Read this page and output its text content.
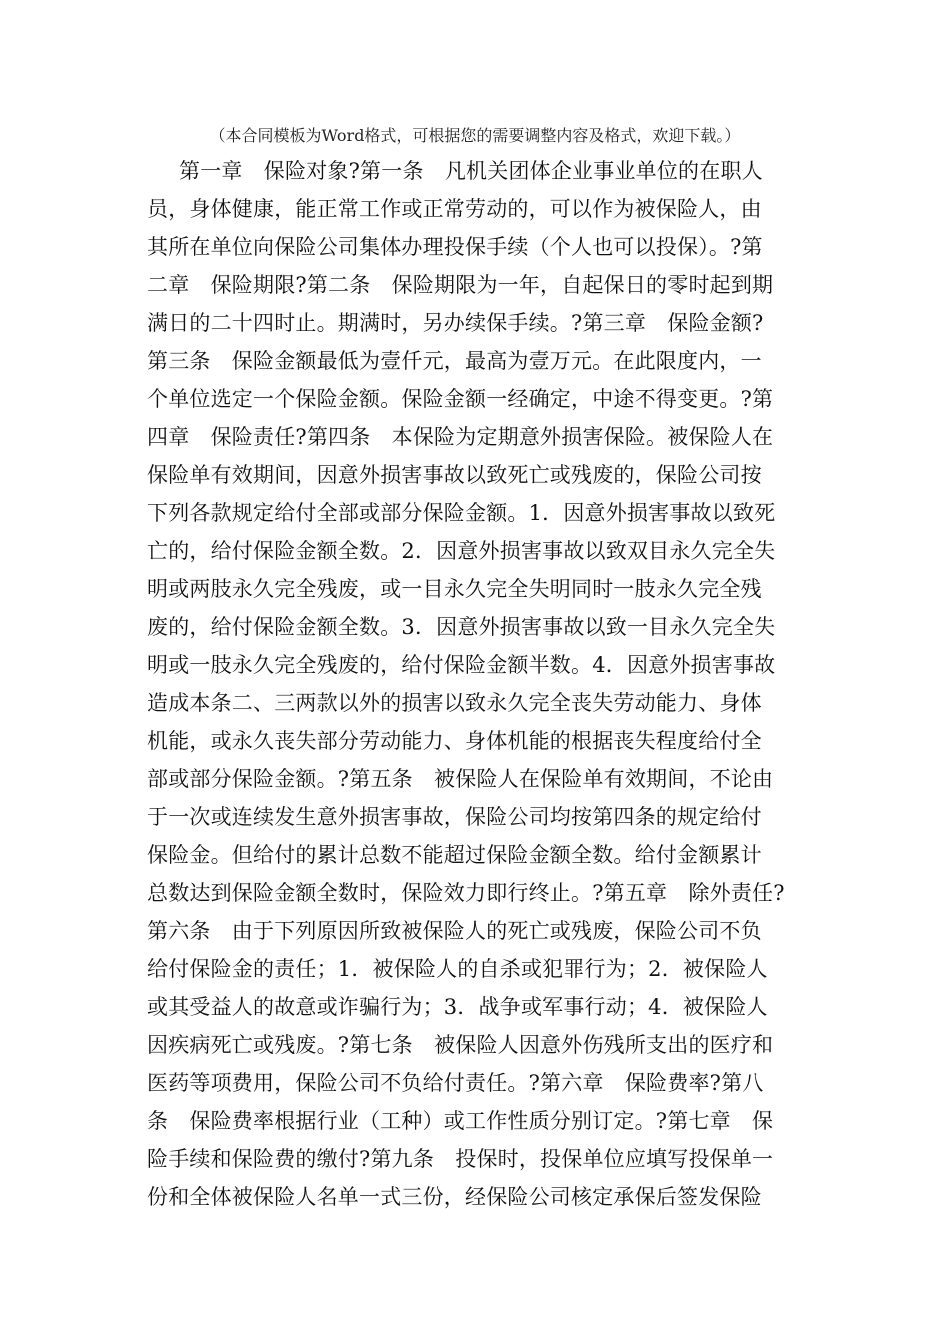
（本合同模板为Word格式，可根据您的需要调整内容及格式，欢迎下载。）
第一章　保险对象?第一条　凡机关团体企业事业单位的在职人
员，身体健康，能正常工作或正常劳动的，可以作为被保险人，由
其所在单位向保险公司集体办理投保手续（个人也可以投保）。?第
二章　保险期限?第二条　保险期限为一年，自起保日的零时起到期
满日的二十四时止。期满时，另办续保手续。?第三章　保险金额?
第三条　保险金额最低为壹仟元，最高为壹万元。在此限度内，一
个单位选定一个保险金额。保险金额一经确定，中途不得变更。?第
四章　保险责任?第四条　本保险为定期意外损害保险。被保险人在
保险单有效期间，因意外损害事故以致死亡或残废的，保险公司按
下列各款规定给付全部或部分保险金额。1．因意外损害事故以致死
亡的，给付保险金额全数。2．因意外损害事故以致双目永久完全失
明或两肢永久完全残废，或一目永久完全失明同时一肢永久完全残
废的，给付保险金额全数。3．因意外损害事故以致一目永久完全失
明或一肢永久完全残废的，给付保险金额半数。4．因意外损害事故
造成本条二、三两款以外的损害以致永久完全丧失劳动能力、身体
机能，或永久丧失部分劳动能力、身体机能的根据丧失程度给付全
部或部分保险金额。?第五条　被保险人在保险单有效期间，不论由
于一次或连续发生意外损害事故，保险公司均按第四条的规定给付
保险金。但给付的累计总数不能超过保险金额全数。给付金额累计
总数达到保险金额全数时，保险效力即行终止。?第五章　除外责任?
第六条　由于下列原因所致被保险人的死亡或残废，保险公司不负
给付保险金的责任；1．被保险人的自杀或犯罪行为；2．被保险人
或其受益人的故意或诈骗行为；3．战争或军事行动；4．被保险人
因疾病死亡或残废。?第七条　被保险人因意外伤残所支出的医疗和
医药等项费用，保险公司不负给付责任。?第六章　保险费率?第八
条　保险费率根据行业（工种）或工作性质分别订定。?第七章　保
险手续和保险费的缴付?第九条　投保时，投保单位应填写投保单一
份和全体被保险人名单一式三份，经保险公司核定承保后签发保险
